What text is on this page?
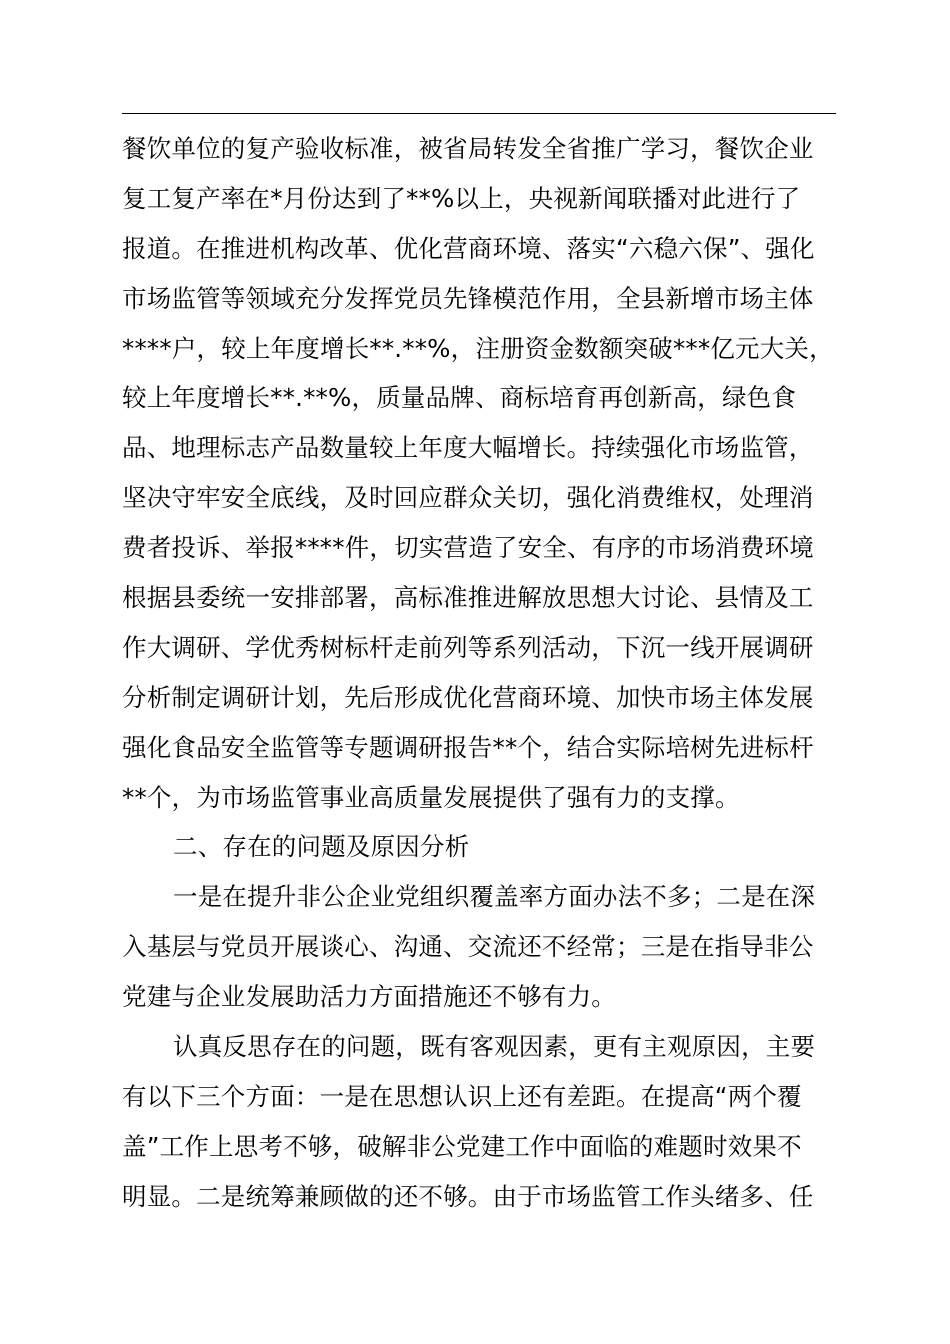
餐饮单位的复产验收标准，被省局转发全省推广学习，餐饮企业
复工复产率在*月份达到了**%以上，央视新闻联播对此进行了
报道。在推进机构改革、优化营商环境、落实“六稳六保”、强化
市场监管等领域充分发挥党员先锋模范作用，全县新增市场主体
****户，较上年度增长**.**%，注册资金数额突破***亿元大关，
较上年度增长**.**%，质量品牌、商标培育再创新高，绿色食
品、地理标志产品数量较上年度大幅增长。持续强化市场监管，
坚决守牢安全底线，及时回应群众关切，强化消费维权，处理消
费者投诉、举报****件，切实营造了安全、有序的市场消费环境
根据县委统一安排部署，高标准推进解放思想大讨论、县情及工
作大调研、学优秀树标杆走前列等系列活动，下沉一线开展调研
分析制定调研计划，先后形成优化营商环境、加快市场主体发展
强化食品安全监管等专题调研报告**个，结合实际培树先进标杆
**个，为市场监管事业高质量发展提供了强有力的支撑。
二、存在的问题及原因分析
一是在提升非公企业党组织覆盖率方面办法不多；二是在深
入基层与党员开展谈心、沟通、交流还不经常；三是在指导非公
党建与企业发展助活力方面措施还不够有力。
认真反思存在的问题，既有客观因素，更有主观原因，主要
有以下三个方面：一是在思想认识上还有差距。在提高“两个覆
盖”工作上思考不够，破解非公党建工作中面临的难题时效果不
明显。二是统筹兼顾做的还不够。由于市场监管工作头绪多、任
